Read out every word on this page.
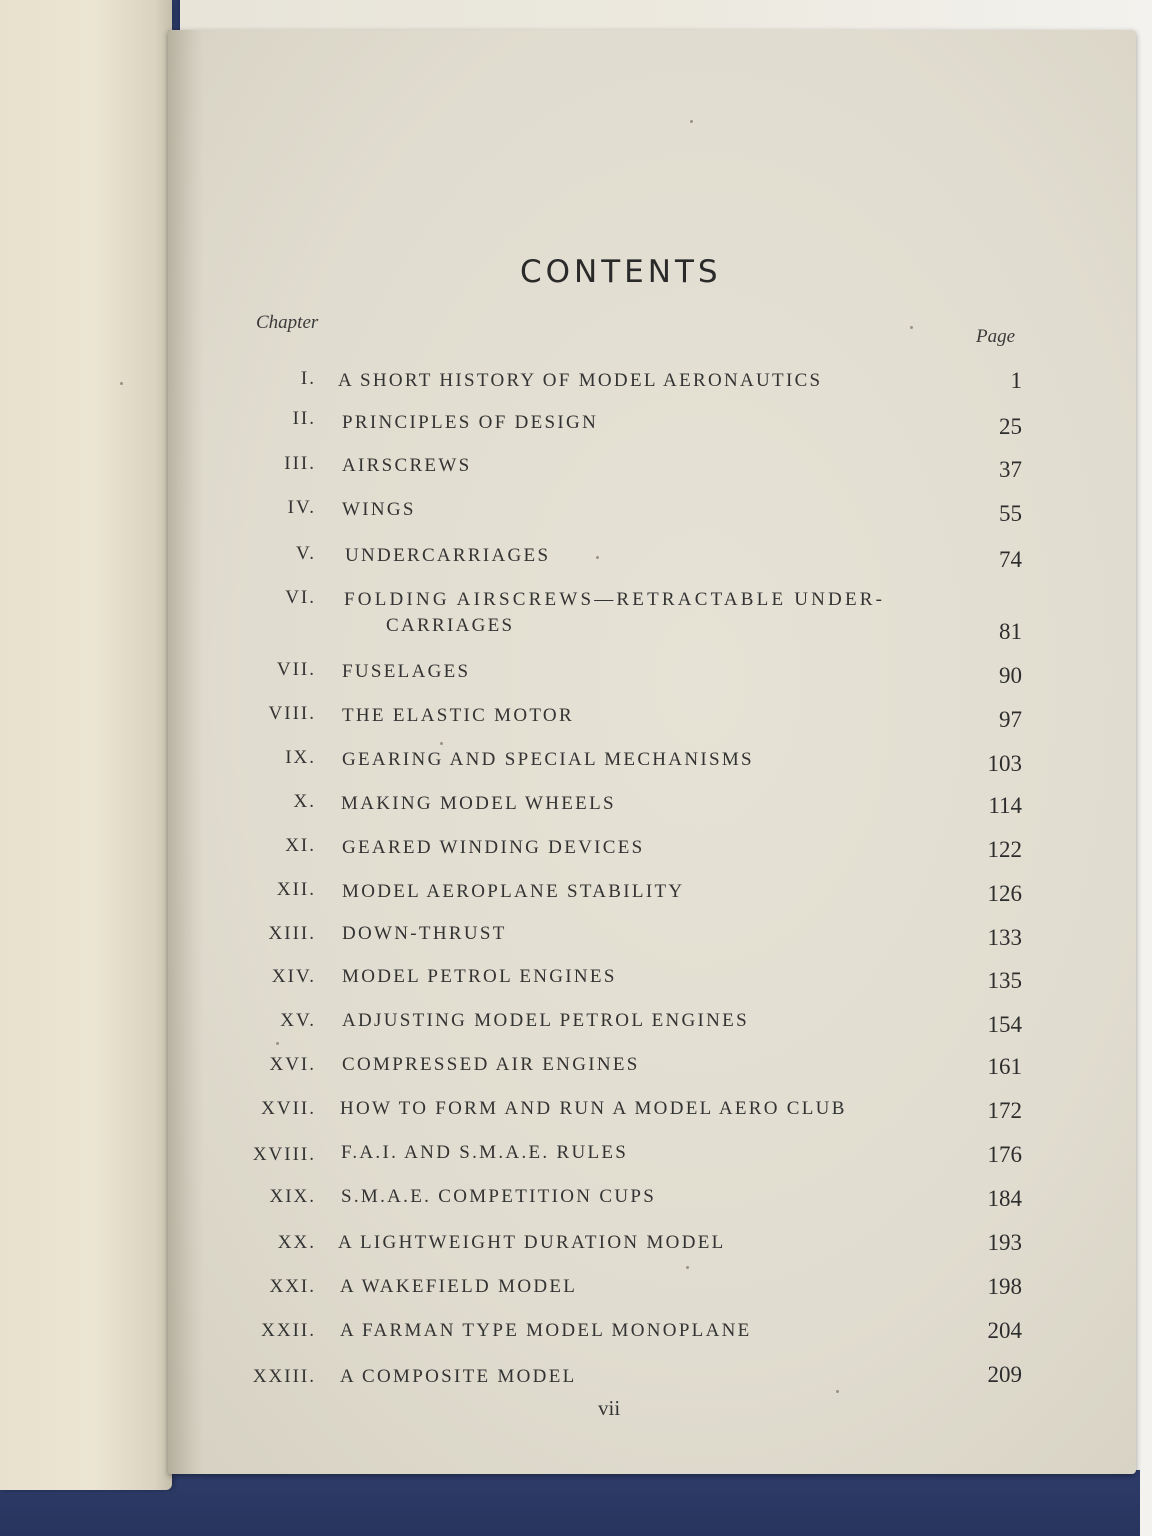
CONTENTS
Chapter
Page
I. A SHORT HISTORY OF MODEL AERONAUTICS	1
II. PRINCIPLES OF DESIGN	25
III. AIRSCREWS	37
IV. WINGS	55
V. UNDERCARRIAGES	74
VI. FOLDING AIRSCREWS—RETRACTABLE UNDER-
CARRIAGES	81
VII. FUSELAGES	90
VIII. THE ELASTIC MOTOR	97
IX. GEARING AND SPECIAL MECHANISMS	103
X. MAKING MODEL WHEELS	114
XI. GEARED WINDING DEVICES	122
XII. MODEL AEROPLANE STABILITY	126
XIII. DOWN-THRUST	133
XIV. MODEL PETROL ENGINES	135
XV. ADJUSTING MODEL PETROL ENGINES	154
XVI. COMPRESSED AIR ENGINES	161
XVII. HOW TO FORM AND RUN A MODEL AERO CLUB	172
XVIII. F.A.I. AND S.M.A.E. RULES	176
XIX. S.M.A.E. COMPETITION CUPS	184
XX. A LIGHTWEIGHT DURATION MODEL	193
XXI. A WAKEFIELD MODEL	198
XXII. A FARMAN TYPE MODEL MONOPLANE	204
XXIII. A COMPOSITE MODEL	209
vii
